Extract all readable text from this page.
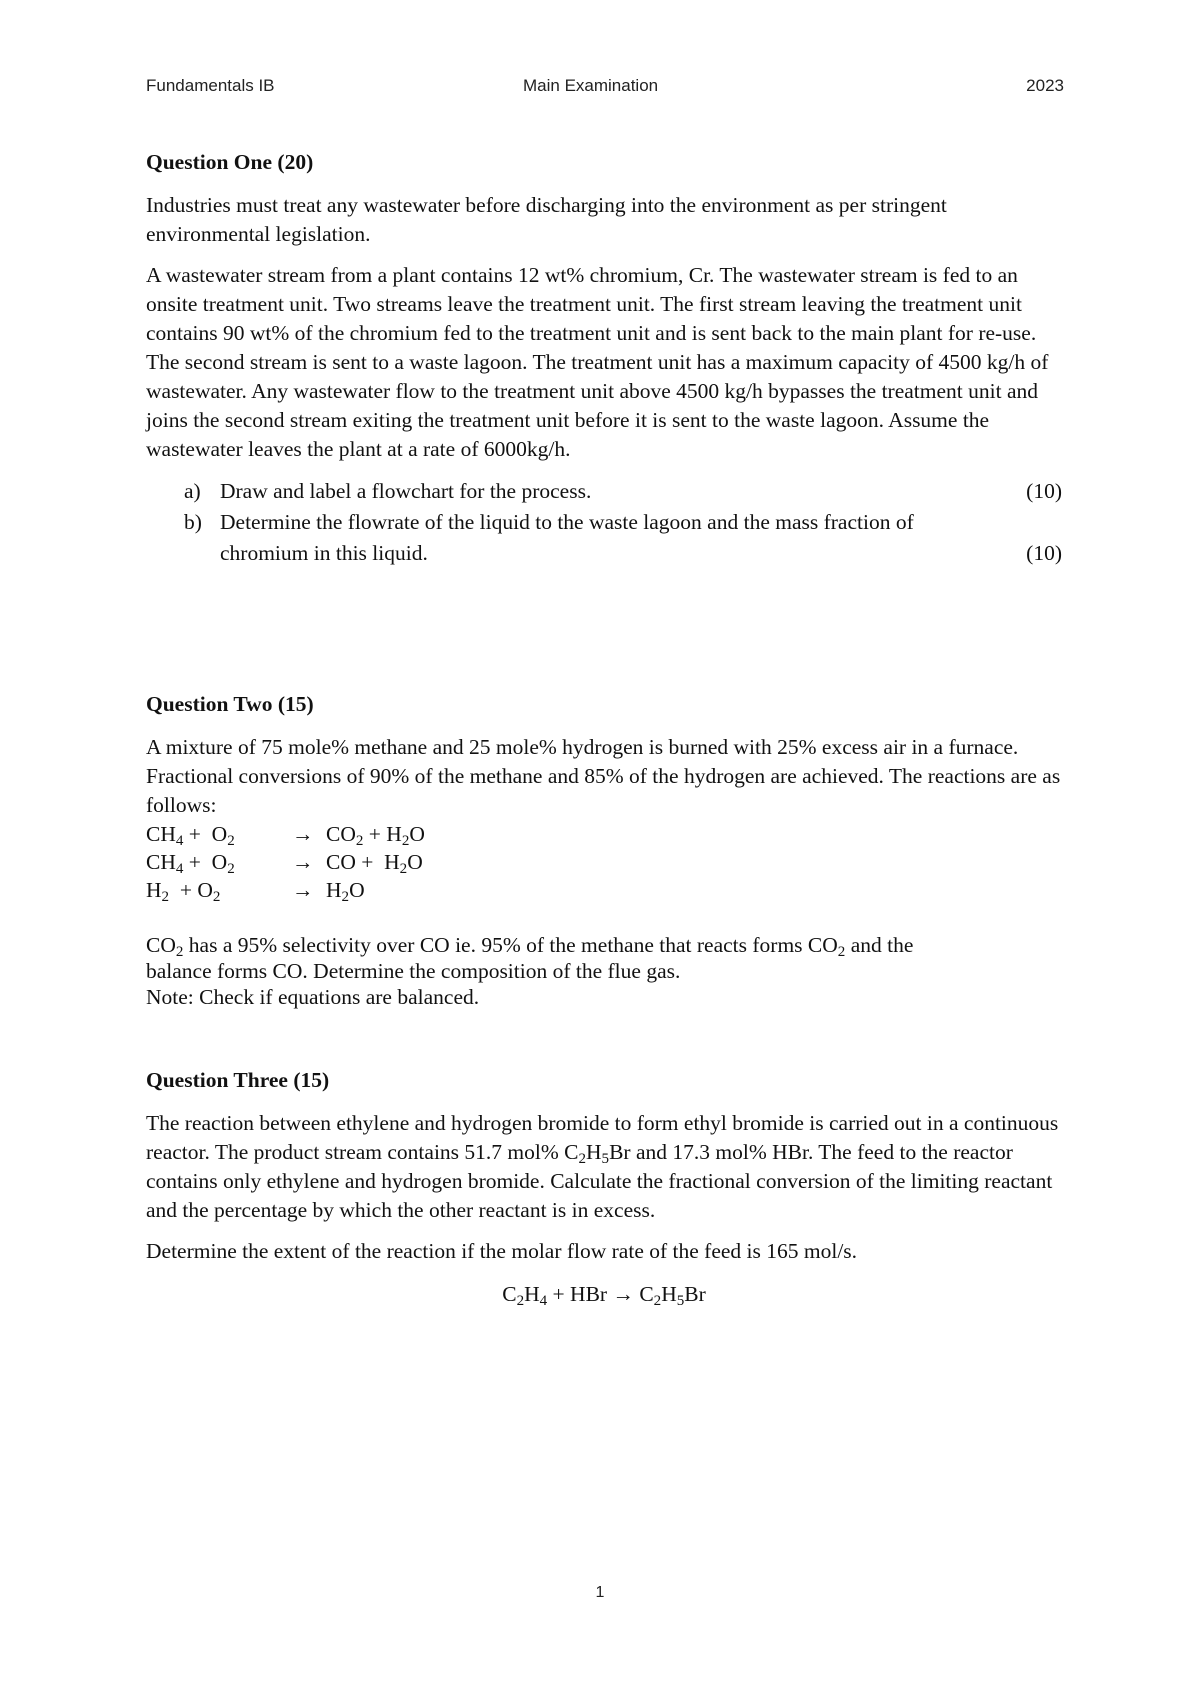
Fundamentals IB	Main Examination	2023
Question One (20)

Industries must treat any wastewater before discharging into the environment as per stringent environmental legislation.

A wastewater stream from a plant contains 12 wt% chromium, Cr. The wastewater stream is fed to an onsite treatment unit. Two streams leave the treatment unit. The first stream leaving the treatment unit contains 90 wt% of the chromium fed to the treatment unit and is sent back to the main plant for re-use. The second stream is sent to a waste lagoon. The treatment unit has a maximum capacity of 4500 kg/h of wastewater. Any wastewater flow to the treatment unit above 4500 kg/h bypasses the treatment unit and joins the second stream exiting the treatment unit before it is sent to the waste lagoon. Assume the wastewater leaves the plant at a rate of 6000kg/h.

a) Draw and label a flowchart for the process.	(10)
b) Determine the flowrate of the liquid to the waste lagoon and the mass fraction of
chromium in this liquid.	(10)
Question Two (15)

A mixture of 75 mole% methane and 25 mole% hydrogen is burned with 25% excess air in a furnace. Fractional conversions of 90% of the methane and 85% of the hydrogen are achieved. The reactions are as follows:

$CH_4 + O_2$	→ $CO_2 + H_2O$
$CH_4 + O_2$	→ CO +  $H_2O$
$H_2 + O_2$	→ $H_2O$
$CO_2$ has a 95% selectivity over CO ie. 95% of the methane that reacts forms $CO_2$ and the
balance forms CO. Determine the composition of the flue gas.
Note: Check if equations are balanced.
Question Three (15)

The reaction between ethylene and hydrogen bromide to form ethyl bromide is carried out in a continuous reactor. The product stream contains 51.7 mol% $C_2H_5Br$ and 17.3 mol% HBr. The feed to the reactor contains only ethylene and hydrogen bromide. Calculate the fractional conversion of the limiting reactant and the percentage by which the other reactant is in excess.

Determine the extent of the reaction if the molar flow rate of the feed is 165 mol/s.

$C_2H_4$ + HBr → $C_2H_5Br$
1
